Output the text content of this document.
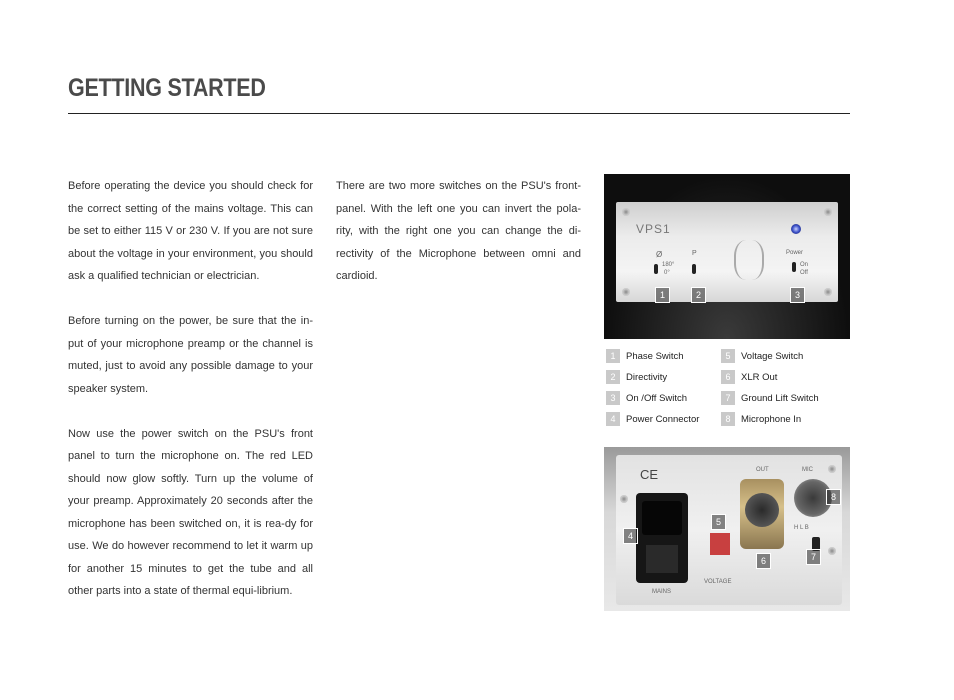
GETTING STARTED

Before operating the device you should check for the correct setting of the mains voltage. This can be set to either 115 V or 230 V. If you are not sure about the voltage in your environment, you should ask a qualified technician or electrician.

Before turning on the power, be sure that the in-put of your microphone preamp or the channel is muted, just to avoid any possible damage to your speaker system.

Now use the power switch on the PSU's front panel to turn the microphone on. The red LED should now glow softly. Turn up the volume of your preamp. Approximately 20 seconds after the microphone has been switched on, it is rea-dy for use. We do however recommend to let it warm up for another 15 minutes to get the tube and all other parts into a state of thermal equi-librium.

There are two more switches on the PSU's front-panel. With the left one you can invert the pola-rity, with the right one you can change the di-rectivity of the Microphone between omni and cardioid.

VPS1
Ø
180°
0°
P	Power
On
Off
1	2	3
1	Phase Switch
2	Directivity
3	On /Off Switch
4	Power Connector
5	Voltage Switch
6	XLR Out
7	Ground Lift Switch
8	Microphone In
CE
MAINS
VOLTAGE
OUT	MIC
H L B
4
5
6	7
8
